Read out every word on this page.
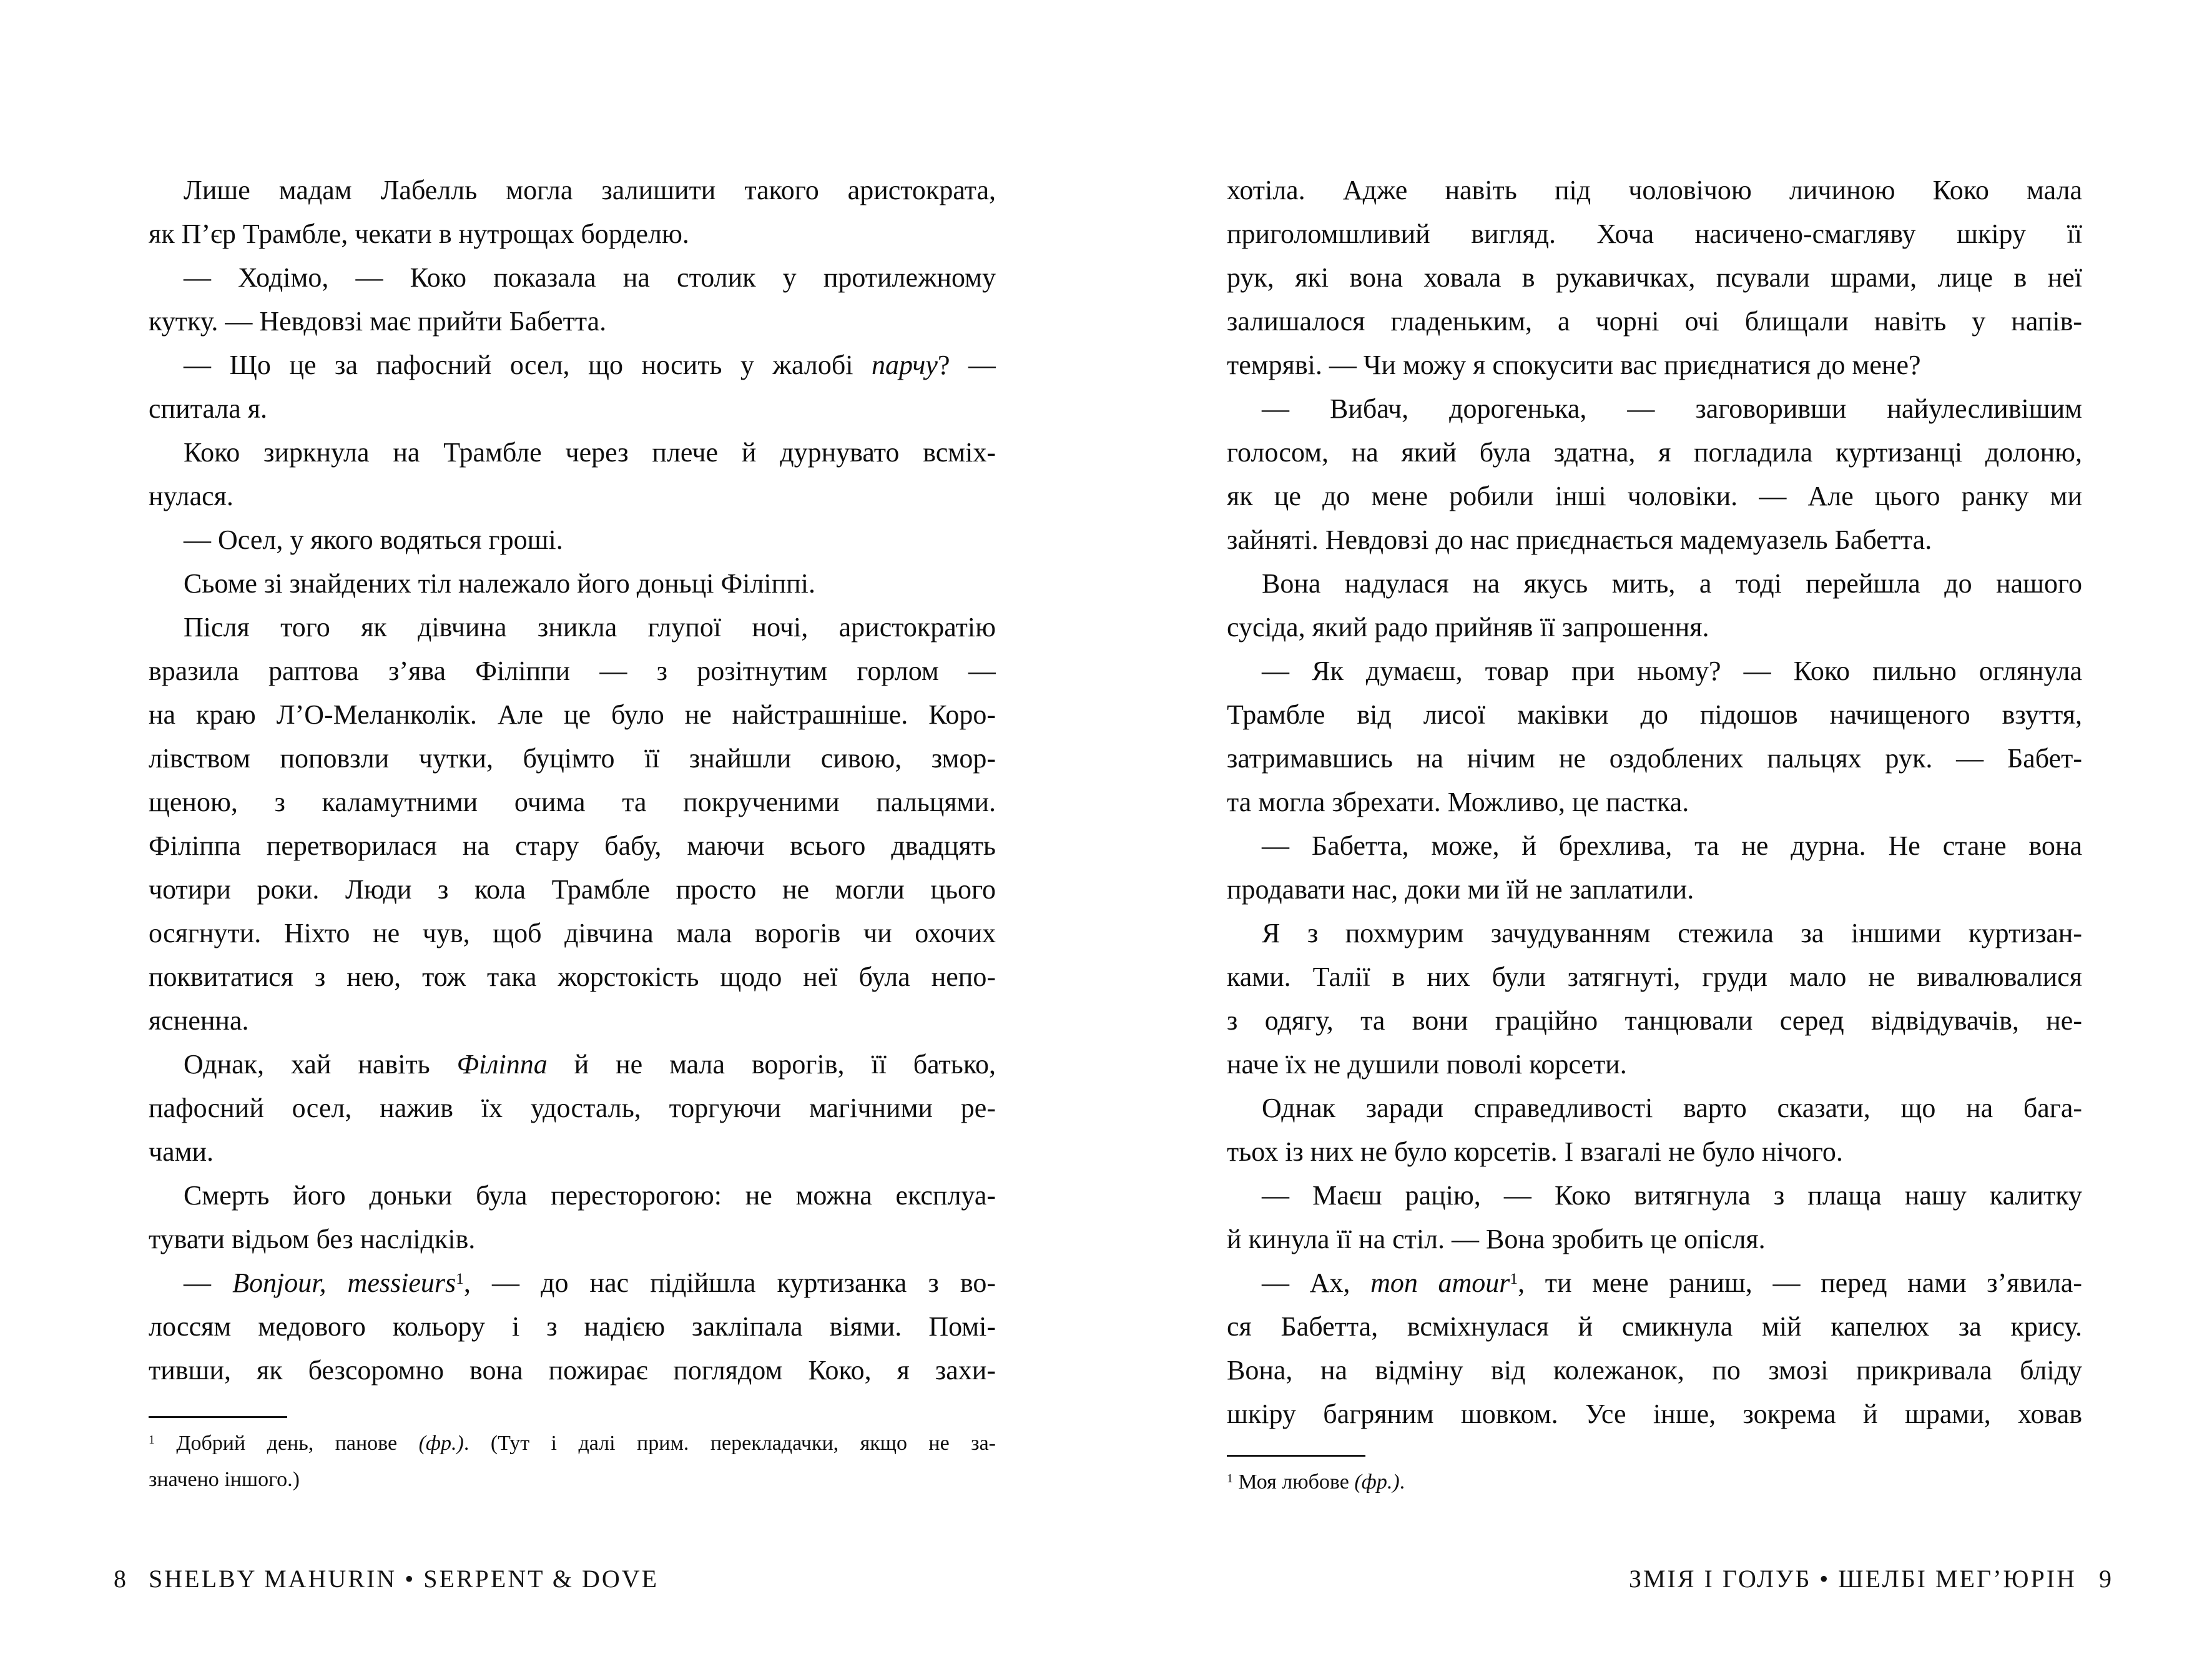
Лише мадам Лабелль могла залишити такого аристократа,
як П’єр Трамбле, чекати в нутрощах борделю.
— Ходімо, — Коко показала на столик у протилежному
кутку. — Невдовзі має прийти Бабетта.
— Що це за пафосний осел, що носить у жалобі парчу? —
спитала я.
Коко зиркнула на Трамбле через плече й дурнувато всміх-
нулася.
— Осел, у якого водяться гроші.
Сьоме зі знайдених тіл належало його доньці Філіппі.
Після того як дівчина зникла глупої ночі, аристократію
вразила раптова з’ява Філіппи — з розітнутим горлом —
на краю Л’О-Меланколік. Але це було не найстрашніше. Коро-
лівством поповзли чутки, буцімто її знайшли сивою, змор-
щеною, з каламутними очима та покрученими пальцями.
Філіппа перетворилася на стару бабу, маючи всього двадцять
чотири роки. Люди з кола Трамбле просто не могли цього
осягнути. Ніхто не чув, щоб дівчина мала ворогів чи охочих
поквитатися з нею, тож така жорстокість щодо неї була непо-
ясненна.
Однак, хай навіть Філіппа й не мала ворогів, її батько,
пафосний осел, нажив їх удосталь, торгуючи магічними ре-
чами.
Смерть його доньки була пересторогою: не можна експлуа-
тувати відьом без наслідків.
— Bonjour, messieurs$^1$, — до нас підійшла куртизанка з во-
лоссям медового кольору і з надією закліпала віями. Помі-
тивши, як безсоромно вона пожирає поглядом Коко, я захи-
$^1$ Добрий день, панове (фр.). (Тут і далі прим. перекладачки, якщо не за-
значено іншого.)
8 SHELBY MAHURIN • SERPENT & DOVE
хотіла. Адже навіть під чоловічою личиною Коко мала
приголомшливий вигляд. Хоча насичено-смагляву шкіру її
рук, які вона ховала в рукавичках, псували шрами, лице в неї
залишалося гладеньким, а чорні очі блищали навіть у напів-
темряві. — Чи можу я спокусити вас приєднатися до мене?
— Вибач, дорогенька, — заговоривши найулесливішим
голосом, на який була здатна, я погладила куртизанці долоню,
як це до мене робили інші чоловіки. — Але цього ранку ми
зайняті. Невдовзі до нас приєднається мадемуазель Бабетта.
Вона надулася на якусь мить, а тоді перейшла до нашого
сусіда, який радо прийняв її запрошення.
— Як думаєш, товар при ньому? — Коко пильно оглянула
Трамбле від лисої маківки до підошов начищеного взуття,
затримавшись на нічим не оздоблених пальцях рук. — Бабет-
та могла збрехати. Можливо, це пастка.
— Бабетта, може, й брехлива, та не дурна. Не стане вона
продавати нас, доки ми їй не заплатили.
Я з похмурим зачудуванням стежила за іншими куртизан-
ками. Талії в них були затягнуті, груди мало не вивалювалися
з одягу, та вони граційно танцювали серед відвідувачів, не-
наче їх не душили поволі корсети.
Однак заради справедливості варто сказати, що на бага-
тьох із них не було корсетів. І взагалі не було нічого.
— Маєш рацію, — Коко витягнула з плаща нашу калитку
й кинула її на стіл. — Вона зробить це опісля.
— Ах, mon amour$^1$, ти мене раниш, — перед нами з’явила-
ся Бабетта, всміхнулася й смикнула мій капелюх за крису.
Вона, на відміну від колежанок, по змозі прикривала бліду
шкіру багряним шовком. Усе інше, зокрема й шрами, ховав
$^1$ Моя любове (фр.).
ЗМІЯ І ГОЛУБ • ШЕЛБІ МЕГ’ЮРІН 9
